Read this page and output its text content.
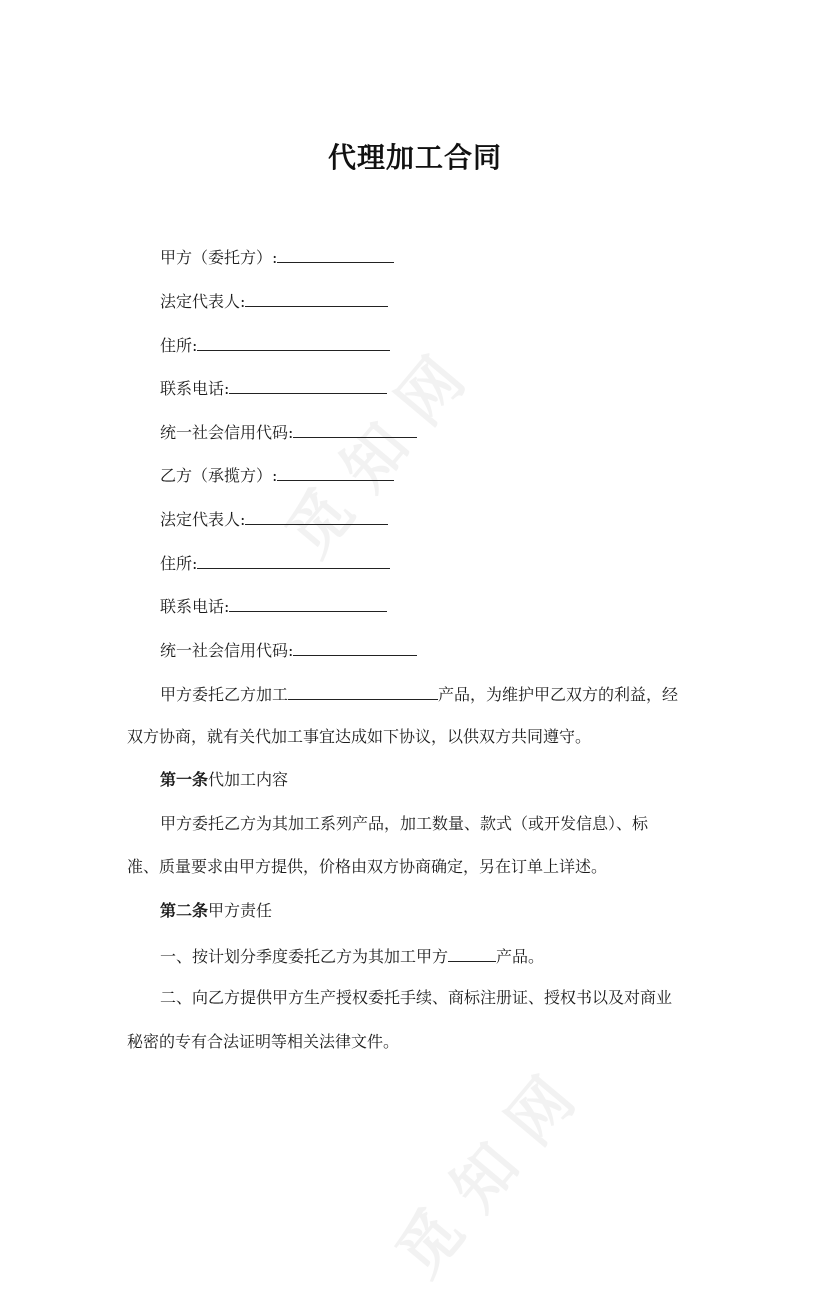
觅知网
觅知网
代理加工合同
甲方（委托方）:
法定代表人:
住所:
联系电话:
统一社会信用代码:
乙方（承揽方）:
法定代表人:
住所:
联系电话:
统一社会信用代码:
甲方委托乙方加工	产品，为维护甲乙双方的利益，经
双方协商，就有关代加工事宜达成如下协议，以供双方共同遵守。
第一条代加工内容
甲方委托乙方为其加工系列产品，加工数量、款式（或开发信息）、标
准、质量要求由甲方提供，价格由双方协商确定，另在订单上详述。
第二条甲方责任
一、按计划分季度委托乙方为其加工甲方	产品。
二、向乙方提供甲方生产授权委托手续、商标注册证、授权书以及对商业
秘密的专有合法证明等相关法律文件。
